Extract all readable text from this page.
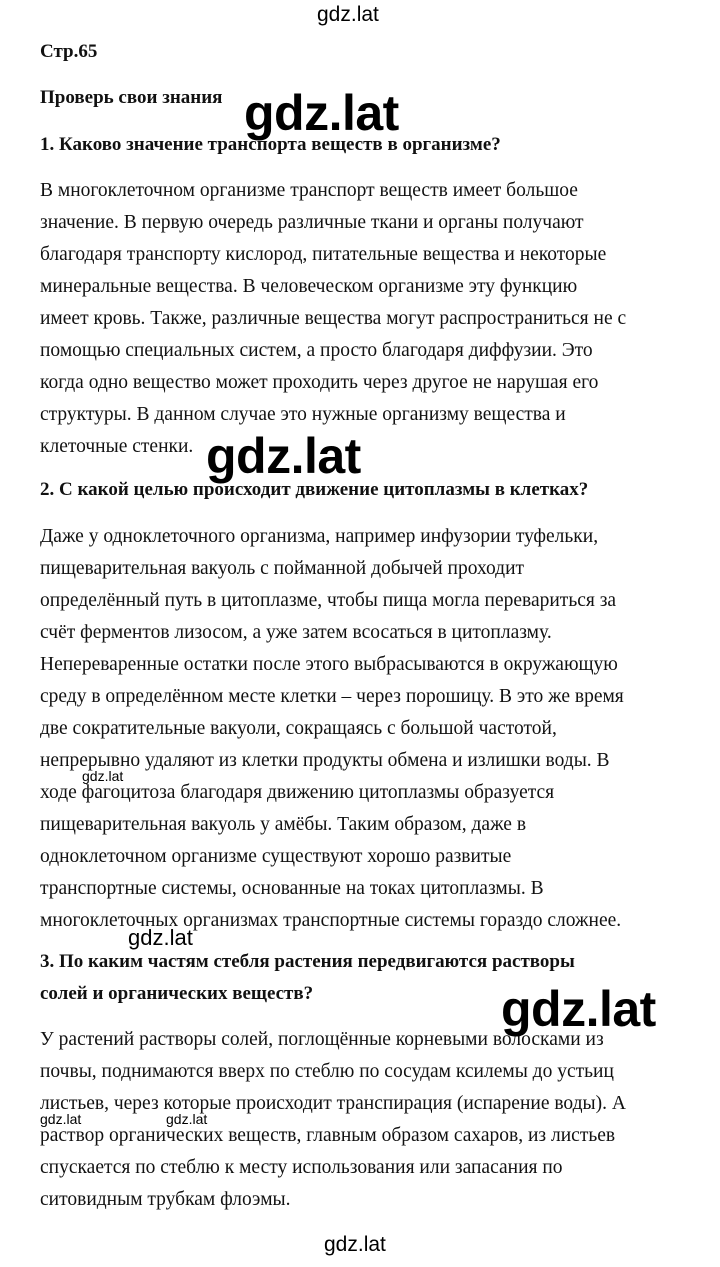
gdz.lat
Стр.65
Проверь свои знания
1. Каково значение транспорта веществ в организме?
В многоклеточном организме транспорт веществ имеет большое
значение. В первую очередь различные ткани и органы получают
благодаря транспорту кислород, питательные вещества и некоторые
минеральные вещества. В человеческом организме эту функцию
имеет кровь. Также, различные вещества могут распространиться не с
помощью специальных систем, а просто благодаря диффузии. Это
когда одно вещество может проходить через другое не нарушая его
структуры. В данном случае это нужные организму вещества и
клеточные стенки.
2. С какой целью происходит движение цитоплазмы в клетках?
Даже у одноклеточного организма, например инфузории туфельки,
пищеварительная вакуоль с пойманной добычей проходит
определённый путь в цитоплазме, чтобы пища могла перевариться за
счёт ферментов лизосом, а уже затем всосаться в цитоплазму.
Непереваренные остатки после этого выбрасываются в окружающую
среду в определённом месте клетки – через порошицу. В это же время
две сократительные вакуоли, сокращаясь с большой частотой,
непрерывно удаляют из клетки продукты обмена и излишки воды. В
ходе фагоцитоза благодаря движению цитоплазмы образуется
пищеварительная вакуоль у амёбы. Таким образом, даже в
одноклеточном организме существуют хорошо развитые
транспортные системы, основанные на токах цитоплазмы. В
многоклеточных организмах транспортные системы гораздо сложнее.
3. По каким частям стебля растения передвигаются растворы
солей и органических веществ?
У растений растворы солей, поглощённые корневыми волосками из
почвы, поднимаются вверх по стеблю по сосудам ксилемы до устьиц
листьев, через которые происходит транспирация (испарение воды). А
раствор органических веществ, главным образом сахаров, из листьев
спускается по стеблю к месту использования или запасания по
ситовидным трубкам флоэмы.
gdz.lat
gdz.lat
gdz.lat
gdz.lat
gdz.lat
gdz.lat	gdz.lat
gdz.lat
